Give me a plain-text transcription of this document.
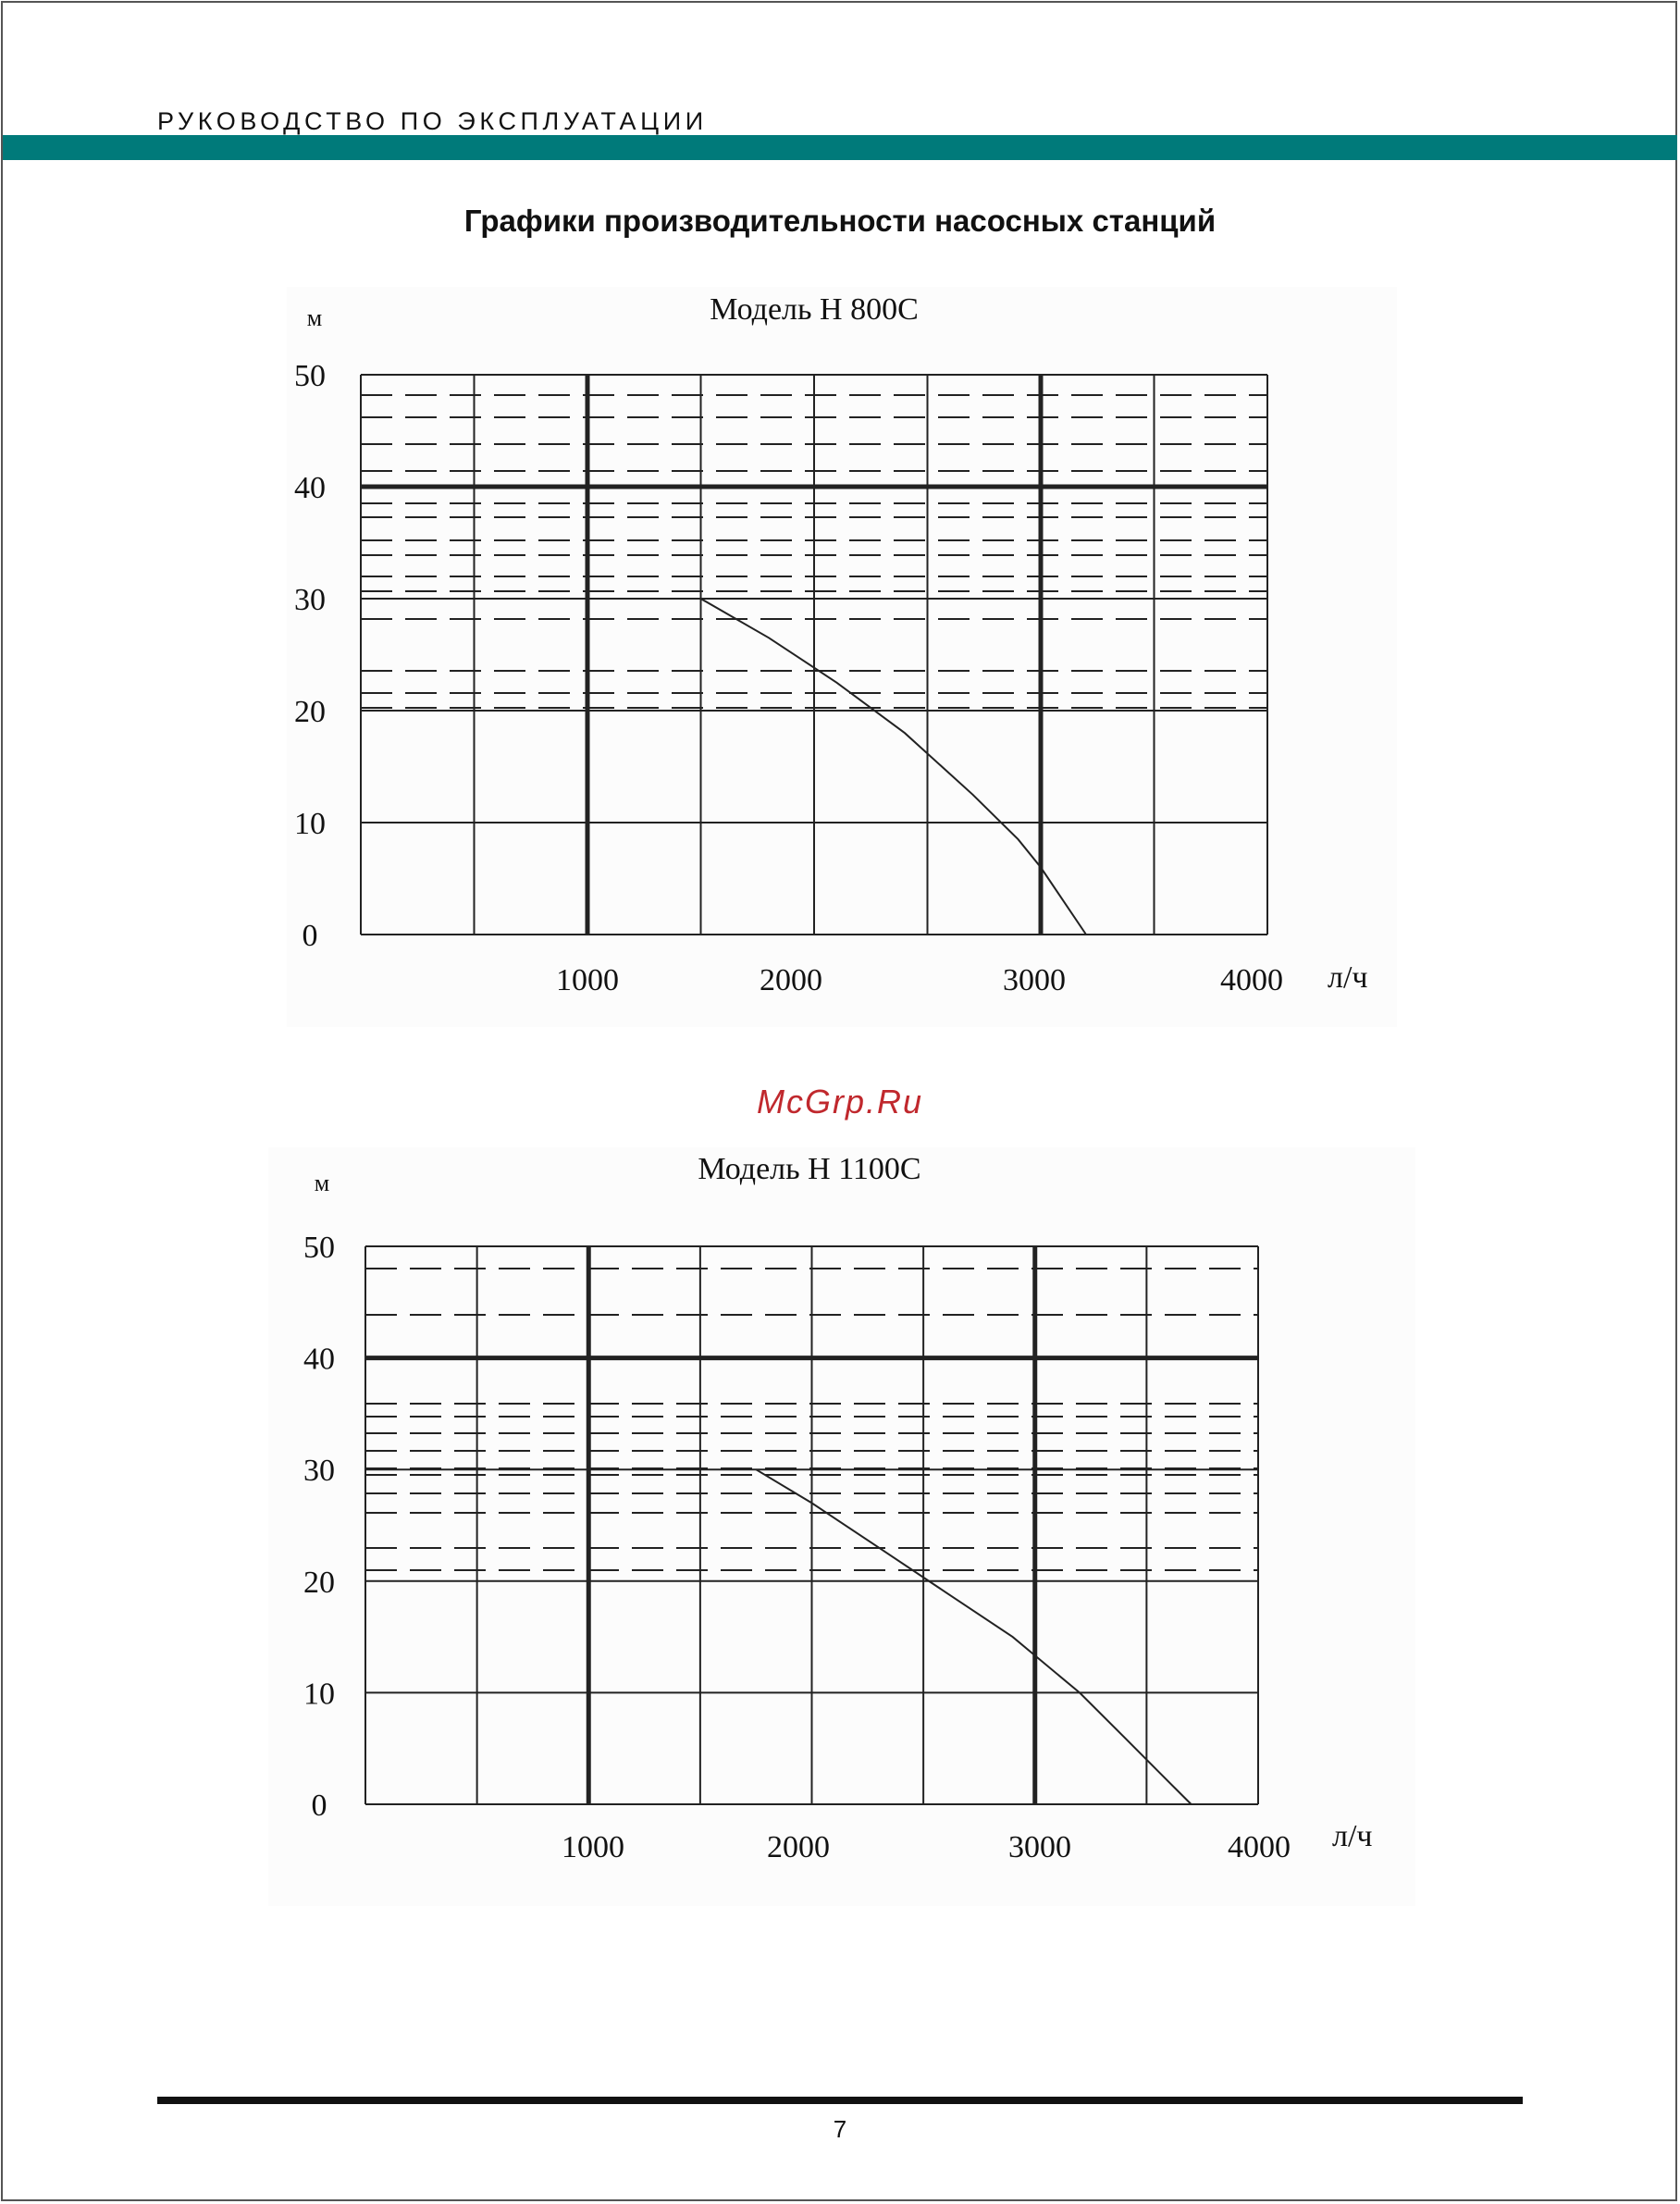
РУКОВОДСТВО ПО ЭКСПЛУАТАЦИИ
Графики производительности насосных станций
Модель Н 800С
м
л/ч
0
10
20
30
40
50
1000	2000	3000	4000
McGrp.Ru
Модель Н 1100С
м
л/ч
0
10
20
30
40
50
1000	2000	3000	4000
7
